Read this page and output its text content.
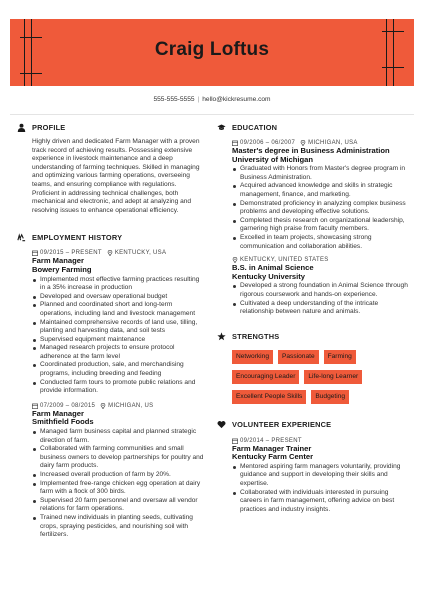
Craig Loftus
555-555-5555 | hello@kickresume.com
PROFILE
Highly driven and dedicated Farm Manager with a proven track record of achieving results. Possessing extensive experience in livestock maintenance and a deep understanding of farming techniques. Skilled in managing and optimizing various farming operations, overseeing teams, and ensuring compliance with regulations. Proficient in addressing technical challenges, both mechanical and electronic, and adept at analyzing and resolving issues to enhance operational efficiency.
EMPLOYMENT HISTORY
09/2015 – PRESENT KENTUCKY, USA
Farm Manager
Bowery Farming
Implemented most effective farming practices resulting in a 35% increase in production
Developed and oversaw operational budget
Planned and coordinated short and long-term operations, including land and livestock management
Maintained comprehensive records of land use, tilling, planting and harvesting data, and soil tests
Supervised equipment maintenance
Managed research projects to ensure protocol adherence at the farm level
Coordinated production, sale, and merchandising programs, including breeding and feeding
Conducted farm tours to promote public relations and provide information.
07/2009 – 08/2015 MICHIGAN, US
Farm Manager
Smithfield Foods
Managed farm business capital and planned strategic direction of farm.
Collaborated with farming communities and small business owners to develop partnerships for poultry and dairy farm products.
Increased overall production of farm by 20%.
Implemented free-range chicken egg operation at dairy farm with a flock of 300 birds.
Supervised 20 farm personnel and oversaw all vendor relations for farm operations.
Trained new individuals in planting seeds, cultivating crops, spraying pesticides, and nourishing soil with fertilizers.
EDUCATION
09/2006 – 06/2007 MICHIGAN, USA
Master's degree in Business Administration
University of Michigan
Graduated with Honors from Master's degree program in Business Administration.
Acquired advanced knowledge and skills in strategic management, finance, and marketing.
Demonstrated proficiency in analyzing complex business problems and developing effective solutions.
Completed thesis research on organizational leadership, garnering high praise from faculty members.
Excelled in team projects, showcasing strong communication and collaboration abilities.
KENTUCKY, UNITED STATES
B.S. in Animal Science
Kentucky University
Developed a strong foundation in Animal Science through rigorous coursework and hands-on experience.
Cultivated a deep understanding of the intricate relationship between nature and animals.
STRENGTHS
Networking	Passionate	Farming
Encouraging Leader	Life-long Learner
Excellent People Skills	Budgeting
VOLUNTEER EXPERIENCE
09/2014 – PRESENT
Farm Manager Trainer
Kentucky Farm Center
Mentored aspiring farm managers voluntarily, providing guidance and support in developing their skills and expertise.
Collaborated with individuals interested in pursuing careers in farm management, offering advice on best practices and industry insights.
